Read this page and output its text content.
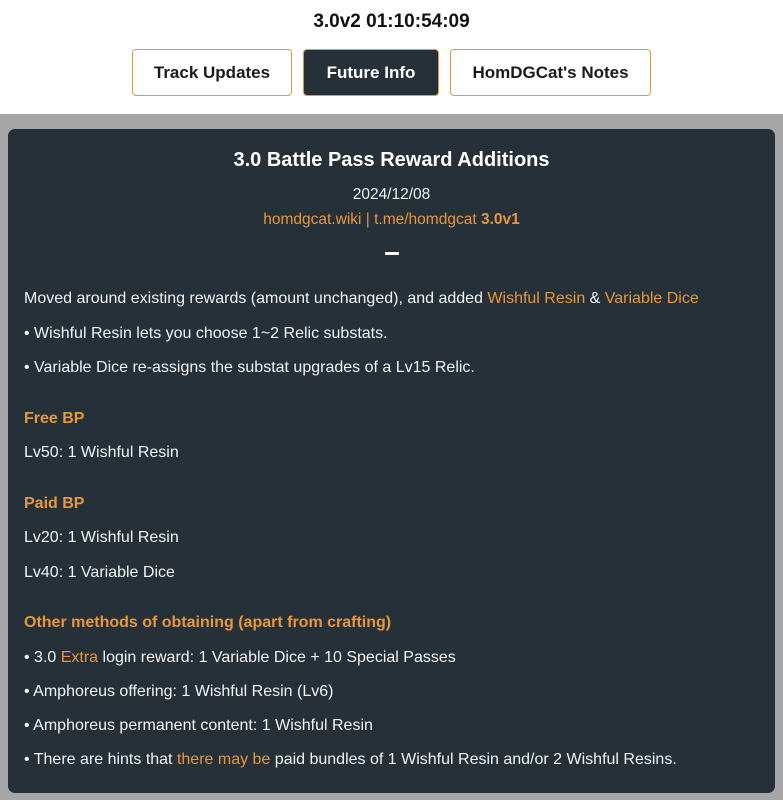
3.0v2 01:10:54:09
Track Updates	Future Info	HomDGCat's Notes
3.0 Battle Pass Reward Additions
2024/12/08
homdgcat.wiki | t.me/homdgcat 3.0v1
Moved around existing rewards (amount unchanged), and added Wishful Resin & Variable Dice
• Wishful Resin lets you choose 1~2 Relic substats.
• Variable Dice re-assigns the substat upgrades of a Lv15 Relic.
Free BP
Lv50: 1 Wishful Resin
Paid BP
Lv20: 1 Wishful Resin
Lv40: 1 Variable Dice
Other methods of obtaining (apart from crafting)
• 3.0 Extra login reward: 1 Variable Dice + 10 Special Passes
• Amphoreus offering: 1 Wishful Resin (Lv6)
• Amphoreus permanent content: 1 Wishful Resin
• There are hints that there may be paid bundles of 1 Wishful Resin and/or 2 Wishful Resins.
